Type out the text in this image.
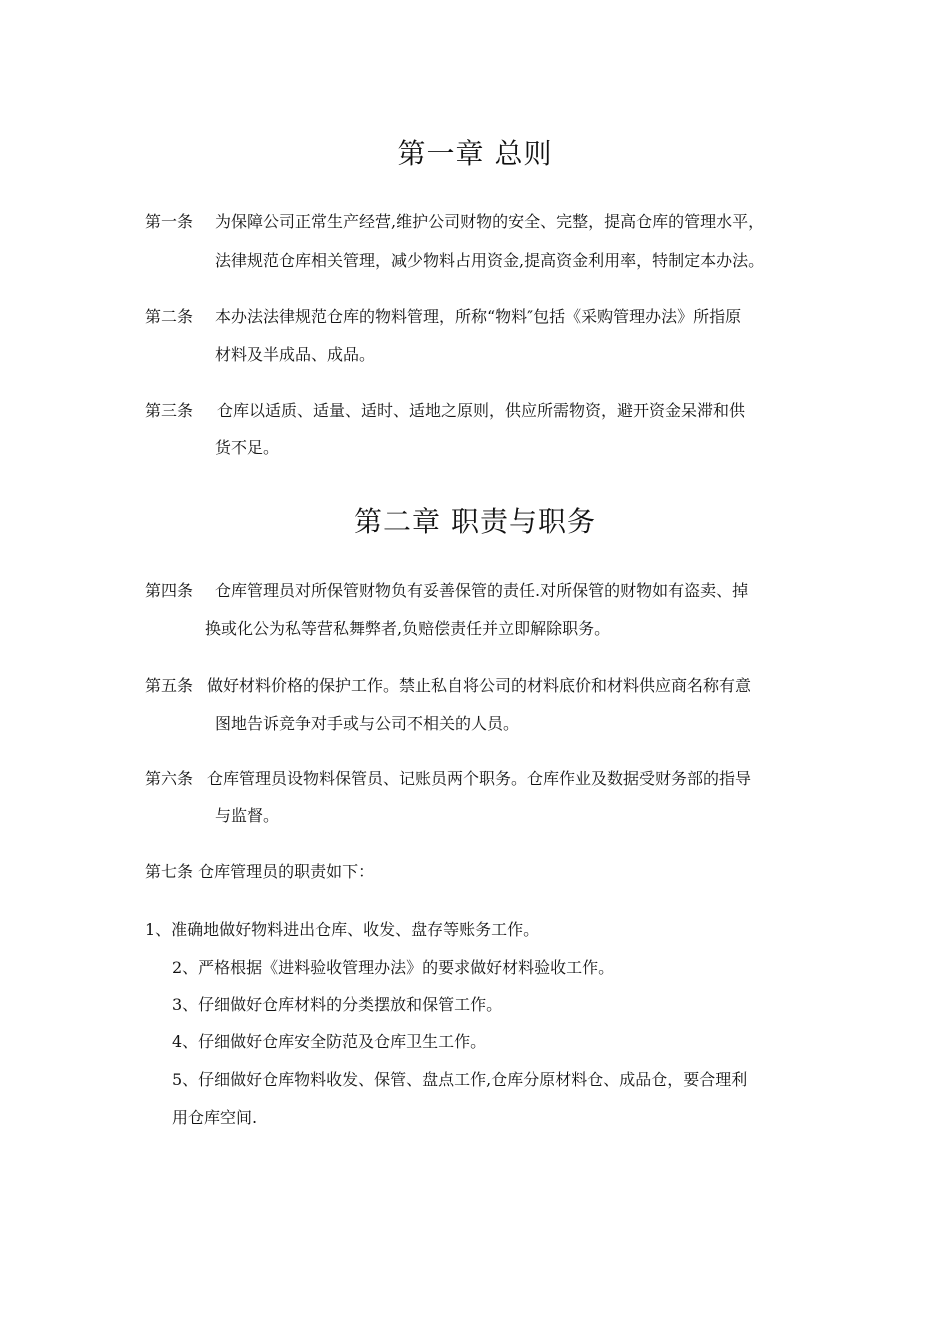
第一章 总则
第一条 为保障公司正常生产经营,维护公司财物的安全、完整，提高仓库的管理水平，
法律规范仓库相关管理，减少物料占用资金,提高资金利用率，特制定本办法。
第二条 本办法法律规范仓库的物料管理，所称“物料″包括《采购管理办法》所指原
材料及半成品、成品。
第三条 仓库以适质、适量、适时、适地之原则，供应所需物资，避开资金呆滞和供
货不足。
第二章 职责与职务
第四条 仓库管理员对所保管财物负有妥善保管的责任.对所保管的财物如有盗卖、掉
换或化公为私等营私舞弊者,负赔偿责任并立即解除职务。
第五条 做好材料价格的保护工作。禁止私自将公司的材料底价和材料供应商名称有意
图地告诉竞争对手或与公司不相关的人员。
第六条 仓库管理员设物料保管员、记账员两个职务。仓库作业及数据受财务部的指导
与监督。
第七条 仓库管理员的职责如下：
1、准确地做好物料进出仓库、收发、盘存等账务工作。
2、严格根据《进料验收管理办法》的要求做好材料验收工作。
3、仔细做好仓库材料的分类摆放和保管工作。
4、仔细做好仓库安全防范及仓库卫生工作。
5、仔细做好仓库物料收发、保管、盘点工作,仓库分原材料仓、成品仓，要合理利
用仓库空间.
